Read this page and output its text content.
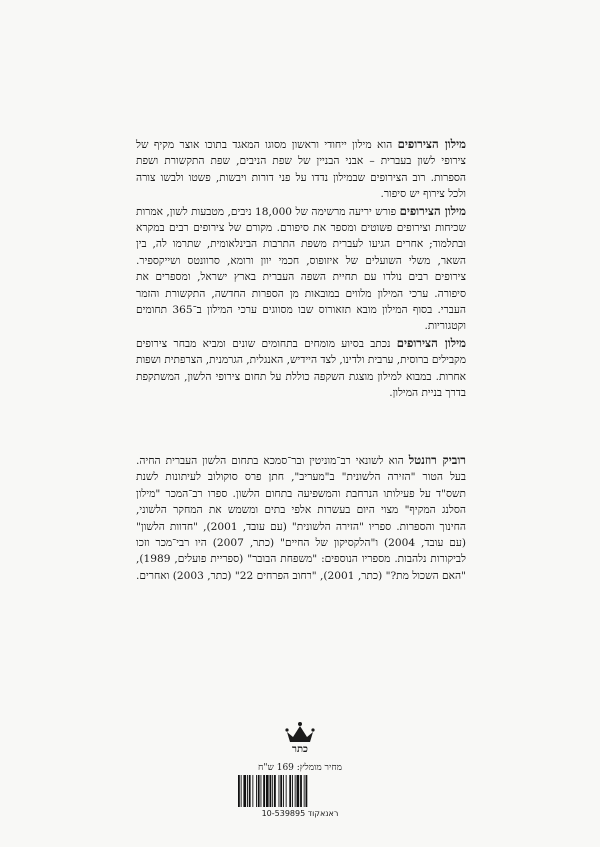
מילון הצירופים הוא מילון ייחודי וראשון מסוגו המאגד בתוכו אוצר מקיף של צירופי לשון בעברית – אבני הבניין של שפת הניבים, שפת התקשורת ושפת הספרות. רוב הצירופים שבמילון נדדו על פני דורות ויבשות, פשטו ולבשו צורה ולכל צירוף יש סיפור.

מילון הצירופים פורש יריעה מרשימה של 18,000 ניבים, מטבעות לשון, אמרות שכיחות וצירופים פשוטים ומספר את סיפורם. מקורם של צירופים רבים במקרא ובתלמוד; אחרים הגיעו לעברית משפת התרבות הבינלאומית, שתרמו לה, בין השאר, משלי השועלים של איזופוס, חכמי יוון ורומא, סרוונטס ושייקספיר. צירופים רבים נולדו עם תחיית השפה העברית בארץ ישראל, ומספרים את סיפורה. ערכי המילון מלווים במובאות מן הספרות החדשה, התקשורת והזמר העברי. בסוף המילון מובא תזאורוס שבו מסווגים ערכי המילון ב־365 תחומים וקטגוריות.

מילון הצירופים נכתב בסיוע מומחים בתחומים שונים ומביא מבחר צירופים מקבילים ברוסית, ערבית ולדינו, לצד היידיש, האנגלית, הגרמנית, הצרפתית ושפות אחרות. במבוא למילון מוצגת השקפה כוללת על תחום צירופי הלשון, המשתקפת בדרך בניית המילון.

רוביק רוזנטל הוא לשונאי רב־מוניטין ובר־סמכא בתחום הלשון העברית החיה. בעל הטור "הזירה הלשונית" ב"מעריב", חתן פרס סוקולוב לעיתונות לשנת תשס"ד על פעילותו הנרחבת והמשפיעה בתחום הלשון. ספרו רב־המכר "מילון הסלנג המקיף" מצוי היום בעשרות אלפי בתים ומשמש את המחקר הלשוני, החינוך והספרות. ספריו "הזירה הלשונית" (עם עובד, 2001), "חדוות הלשון" (עם עובד, 2004) ו"הלקסיקון של החיים" (כתר, 2007) היו רבי־מכר וזכו לביקורות נלהבות. מספריו הנוספים: "משפחת הבובר" (ספריית פועלים, 1989), "האם השכול מת?" (כתר, 2001), "רחוב הפרחים 22" (כתר, 2003) ואחרים.

כתר
מחיר מומלץ: 169 ש"ח
ראנאקוד 10-539895
